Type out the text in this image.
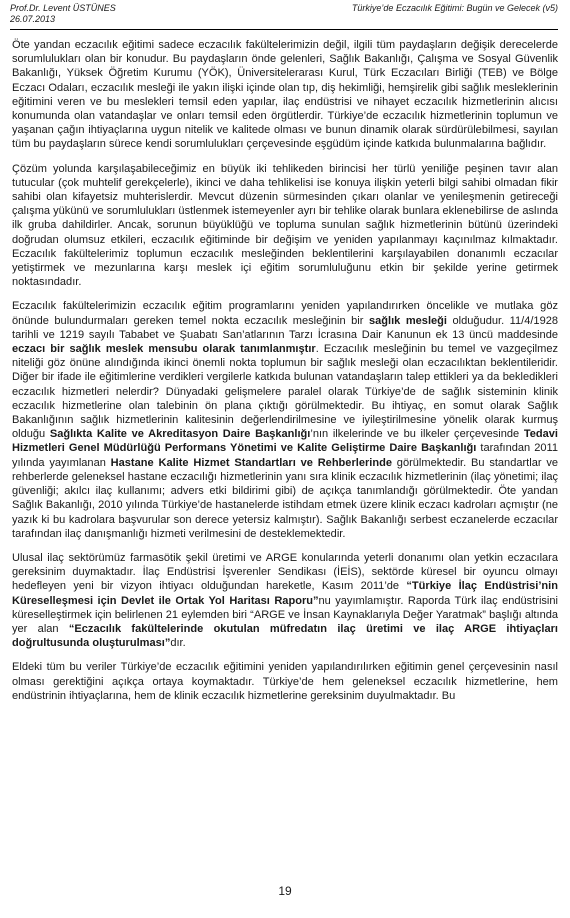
Prof.Dr. Levent ÜSTÜNES
26.07.2013
Türkiye’de Eczacılık Eğitimi: Bugün ve Gelecek (v5)

Öte yandan eczacılık eğitimi sadece eczacılık fakültelerimizin değil, ilgili tüm paydaşların değişik derecelerde sorumlulukları olan bir konudur. Bu paydaşların önde gelenleri, Sağlık Bakanlığı, Çalışma ve Sosyal Güvenlik Bakanlığı, Yüksek Öğretim Kurumu (YÖK), Üniversitelerarası Kurul, Türk Eczacıları Birliği (TEB) ve Bölge Eczacı Odaları, eczacılık mesleği ile yakın ilişki içinde olan tıp, diş hekimliği, hemşirelik gibi sağlık mesleklerinin eğitimini veren ve bu meslekleri temsil eden yapılar, ilaç endüstrisi ve nihayet eczacılık hizmetlerinin alıcısı konumunda olan vatandaşlar ve onları temsil eden örgütlerdir. Türkiye’de eczacılık hizmetlerinin toplumun ve yaşanan çağın ihtiyaçlarına uygun nitelik ve kalitede olması ve bunun dinamik olarak sürdürülebilmesi, sayılan tüm bu paydaşların sürece kendi sorumlulukları çerçevesinde eşgüdüm içinde katkıda bulunmalarına bağlıdır.

Çözüm yolunda karşılaşabileceğimiz en büyük iki tehlikeden birincisi her türlü yeniliğe peşinen tavır alan tutucular (çok muhtelif gerekçelerle), ikinci ve daha tehlikelisi ise konuya ilişkin yeterli bilgi sahibi olmadan fikir sahibi olan kifayetsiz muhterislerdir. Mevcut düzenin sürmesinden çıkarı olanlar ve yenileşmenin getireceği çalışma yükünü ve sorumlulukları üstlenmek istemeyenler ayrı bir tehlike olarak bunlara eklenebilirse de aslında ilk gruba dahildirler. Ancak, sorunun büyüklüğü ve topluma sunulan sağlık hizmetlerinin bütünü üzerindeki doğrudan olumsuz etkileri, eczacılık eğitiminde bir değişim ve yeniden yapılanmayı kaçınılmaz kılmaktadır. Eczacılık fakültelerimiz toplumun eczacılık mesleğinden beklentilerini karşılayabilen donanımlı eczacılar yetiştirmek ve mezunlarına karşı meslek içi eğitim sorumluluğunu etkin bir şekilde yerine getirmek noktasındadır.

Eczacılık fakültelerimizin eczacılık eğitim programlarını yeniden yapılandırırken öncelikle ve mutlaka göz önünde bulundurmaları gereken temel nokta eczacılık mesleğinin bir sağlık mesleği olduğudur. 11/4/1928 tarihli ve 1219 sayılı Tababet ve Şuabatı San’atlarının Tarzı İcrasına Dair Kanunun ek 13 üncü maddesinde eczacı bir sağlık meslek mensubu olarak tanımlanmıştır. Eczacılık mesleğinin bu temel ve vazgeçilmez niteliği göz önüne alındığında ikinci önemli nokta toplumun bir sağlık mesleği olan eczacılıktan beklentileridir. Diğer bir ifade ile eğitimlerine verdikleri vergilerle katkıda bulunan vatandaşların talep ettikleri ya da bekledikleri eczacılık hizmetleri nelerdir? Dünyadaki gelişmelere paralel olarak Türkiye’de de sağlık sisteminin klinik eczacılık hizmetlerine olan talebinin ön plana çıktığı görülmektedir. Bu ihtiyaç, en somut olarak Sağlık Bakanlığının sağlık hizmetlerinin kalitesinin değerlendirilmesine ve iyileştirilmesine yönelik olarak kurmuş olduğu Sağlıkta Kalite ve Akreditasyon Daire Başkanlığı’nın ilkelerinde ve bu ilkeler çerçevesinde Tedavi Hizmetleri Genel Müdürlüğü Performans Yönetimi ve Kalite Geliştirme Daire Başkanlığı tarafından 2011 yılında yayımlanan Hastane Kalite Hizmet Standartları ve Rehberlerinde görülmektedir. Bu standartlar ve rehberlerde geleneksel hastane eczacılığı hizmetlerinin yanı sıra klinik eczacılık hizmetlerinin (ilaç yönetimi; ilaç güvenliği; akılcı ilaç kullanımı; advers etki bildirimi gibi) de açıkça tanımlandığı görülmektedir. Öte yandan Sağlık Bakanlığı, 2010 yılında Türkiye’de hastanelerde istihdam etmek üzere klinik eczacı kadroları açmıştır (ne yazık ki bu kadrolara başvurular son derece yetersiz kalmıştır). Sağlık Bakanlığı serbest eczanelerde eczacılar tarafından ilaç danışmanlığı hizmeti verilmesini de desteklemektedir.

Ulusal ilaç sektörümüz farmasötik şekil üretimi ve ARGE konularında yeterli donanımı olan yetkin eczacılara gereksinim duymaktadır. İlaç Endüstrisi İşverenler Sendikası (İEİS), sektörde küresel bir oyuncu olmayı hedefleyen yeni bir vizyon ihtiyacı olduğundan hareketle, Kasım 2011’de “Türkiye İlaç Endüstrisi’nin Küreselleşmesi için Devlet ile Ortak Yol Haritası Raporu”nu yayımlamıştır. Raporda Türk ilaç endüstrisini küreselleştirmek için belirlenen 21 eylemden biri “ARGE ve İnsan Kaynaklarıyla Değer Yaratmak” başlığı altında yer alan “Eczacılık fakültelerinde okutulan müfredatın ilaç üretimi ve ilaç ARGE ihtiyaçları doğrultusunda oluşturulması”dır.

Eldeki tüm bu veriler Türkiye’de eczacılık eğitimini yeniden yapılandırılırken eğitimin genel çerçevesinin nasıl olması gerektiğini açıkça ortaya koymaktadır. Türkiye’de hem geleneksel eczacılık hizmetlerine, hem endüstrinin ihtiyaçlarına, hem de klinik eczacılık hizmetlerine gereksinim duyulmaktadır. Bu

19
